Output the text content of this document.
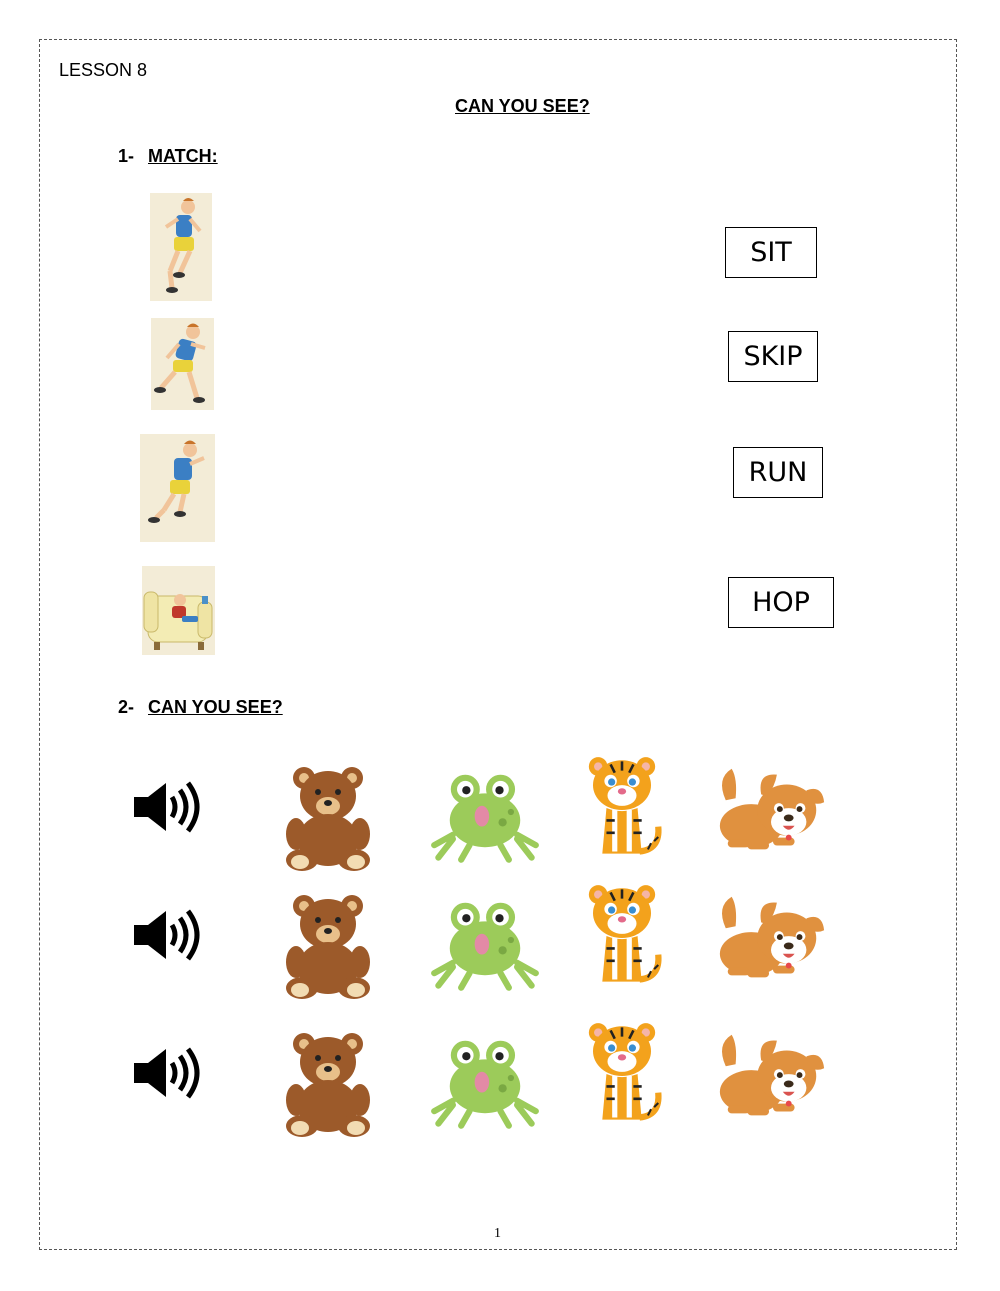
LESSON 8
CAN YOU SEE?
1- MATCH:
SIT
SKIP
RUN
HOP
2- CAN YOU SEE?
1
